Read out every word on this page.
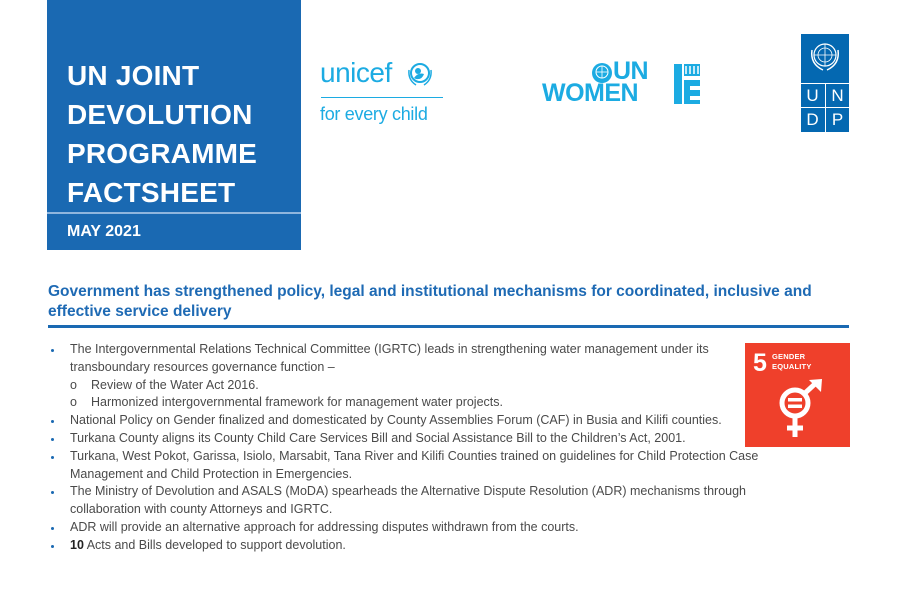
UN JOINT
DEVOLUTION
PROGRAMME
FACTSHEET
MAY 2021
unicef
for every child
UN
WOMEN	U N
D P
Government has strengthened policy, legal and institutional mechanisms for coordinated, inclusive and effective service delivery
The Intergovernmental Relations Technical Committee (IGRTC) leads in strengthening water management under its transboundary resources governance function –
o Review of the Water Act 2016.
o Harmonized intergovernmental framework for management water projects.
National Policy on Gender finalized and domesticated by County Assemblies Forum (CAF) in Busia and Kilifi counties.
Turkana County aligns its County Child Care Services Bill and Social Assistance Bill to the Children’s Act, 2001.
Turkana, West Pokot, Garissa, Isiolo, Marsabit, Tana River and Kilifi Counties trained on guidelines for Child Protection Case Management and Child Protection in Emergencies.
The Ministry of Devolution and ASALS (MoDA) spearheads the Alternative Dispute Resolution (ADR) mechanisms through collaboration with county Attorneys and IGRTC.
ADR will provide an alternative approach for addressing disputes withdrawn from the courts.
10 Acts and Bills developed to support devolution.
5 GENDER
EQUALITY
